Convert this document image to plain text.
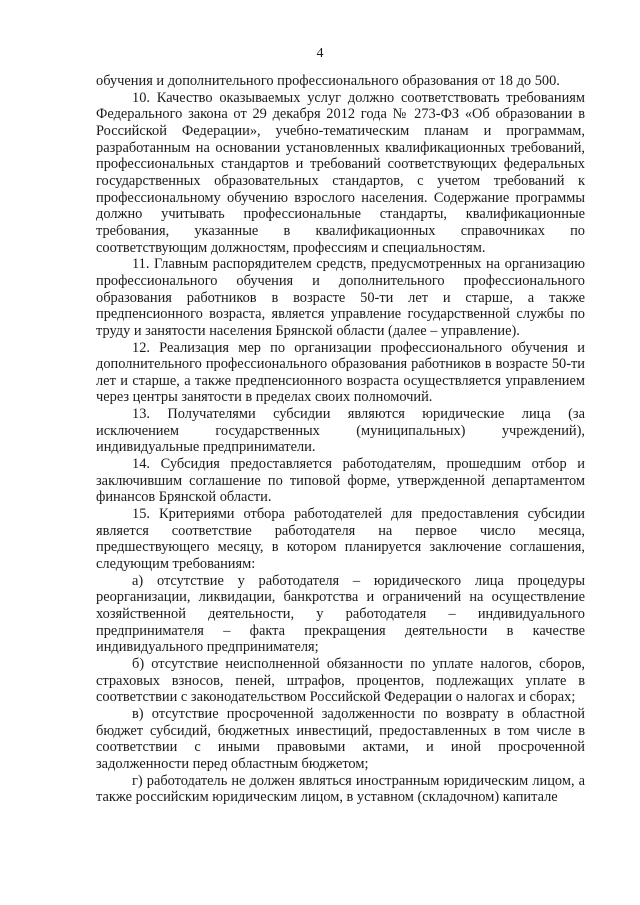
4

обучения и дополнительного профессионального образования от 18 до 500.

10. Качество оказываемых услуг должно соответствовать требованиям Федерального закона от 29 декабря 2012 года № 273-ФЗ «Об образовании в Российской Федерации», учебно-тематическим планам и программам, разработанным на основании установленных квалификационных требований, профессиональных стандартов и требований соответствующих федеральных государственных образовательных стандартов, с учетом требований к профессиональному обучению взрослого населения. Содержание программы должно учитывать профессиональные стандарты, квалификационные требования, указанные в квалификационных справочниках по соответствующим должностям, профессиям и специальностям.

11. Главным распорядителем средств, предусмотренных на организацию профессионального обучения и дополнительного профессионального образования работников в возрасте 50-ти лет и старше, а также предпенсионного возраста, является управление государственной службы по труду и занятости населения Брянской области (далее – управление).

12. Реализация мер по организации профессионального обучения и дополнительного профессионального образования работников в возрасте 50-ти лет и старше, а также предпенсионного возраста осуществляется управлением через центры занятости в пределах своих полномочий.

13. Получателями субсидии являются юридические лица (за исключением государственных (муниципальных) учреждений), индивидуальные предприниматели.

14. Субсидия предоставляется работодателям, прошедшим отбор и заключившим соглашение по типовой форме, утвержденной департаментом финансов Брянской области.

15. Критериями отбора работодателей для предоставления субсидии является соответствие работодателя на первое число месяца, предшествующего месяцу, в котором планируется заключение соглашения, следующим требованиям:

а) отсутствие у работодателя – юридического лица процедуры реорганизации, ликвидации, банкротства и ограничений на осуществление хозяйственной деятельности, у работодателя – индивидуального предпринимателя – факта прекращения деятельности в качестве индивидуального предпринимателя;

б) отсутствие неисполненной обязанности по уплате налогов, сборов, страховых взносов, пеней, штрафов, процентов, подлежащих уплате в соответствии с законодательством Российской Федерации о налогах и сборах;

в) отсутствие просроченной задолженности по возврату в областной бюджет субсидий, бюджетных инвестиций, предоставленных в том числе в соответствии с иными правовыми актами, и иной просроченной задолженности перед областным бюджетом;

г) работодатель не должен являться иностранным юридическим лицом, а также российским юридическим лицом, в уставном (складочном) капитале
